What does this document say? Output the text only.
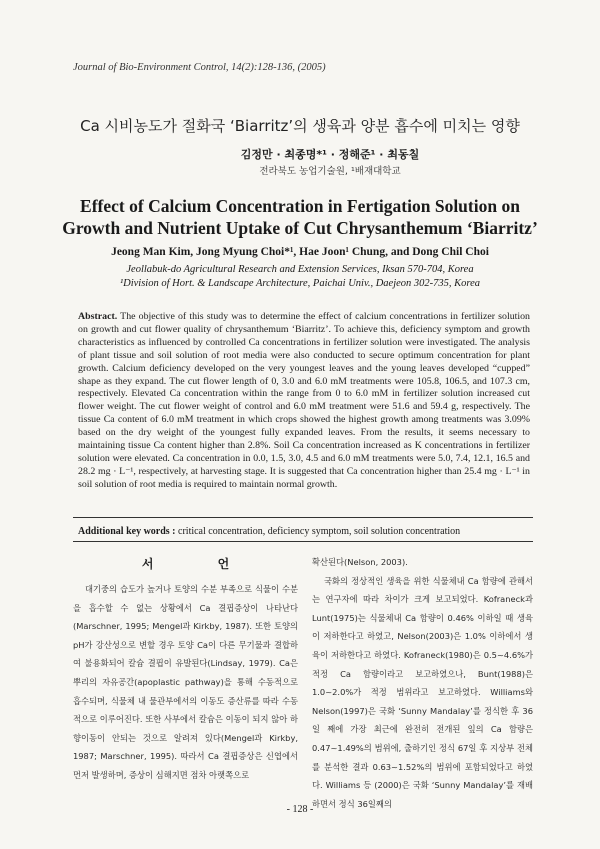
Journal of Bio-Environment Control, 14(2):128-136, (2005)
Ca 시비농도가 절화국 ‘Biarritz’의 생육과 양분 흡수에 미치는 영향
김정만 · 최종명*¹ · 정해준¹ · 최동칠
전라북도 농업기술원, ¹배재대학교
Effect of Calcium Concentration in Fertigation Solution on
Growth and Nutrient Uptake of Cut Chrysanthemum ‘Biarritz’
Jeong Man Kim, Jong Myung Choi*¹, Hae Joon¹ Chung, and Dong Chil Choi
Jeollabuk-do Agricultural Research and Extension Services, Iksan 570-704, Korea
¹Division of Hort. & Landscape Architecture, Paichai Univ., Daejeon 302-735, Korea
Abstract. The objective of this study was to determine the effect of calcium concentrations in fertilizer solution on growth and cut flower quality of chrysanthemum ‘Biarritz’. To achieve this, deficiency symptom and growth characteristics as influenced by controlled Ca concentrations in fertilizer solution were investigated. The analysis of plant tissue and soil solution of root media were also conducted to secure optimum concentration for plant growth. Calcium deficiency developed on the very youngest leaves and the young leaves developed “cupped” shape as they expand. The cut flower length of 0, 3.0 and 6.0 mM treatments were 105.8, 106.5, and 107.3 cm, respectively. Elevated Ca concentration within the range from 0 to 6.0 mM in fertilizer solution increased cut flower weight. The cut flower weight of control and 6.0 mM treatment were 51.6 and 59.4 g, respectively. The tissue Ca content of 6.0 mM treatment in which crops showed the highest growth among treatments was 3.09% based on the dry weight of the youngest fully expanded leaves. From the results, it seems necessary to maintaining tissue Ca content higher than 2.8%. Soil Ca concentration increased as K concentrations in fertilizer solution were elevated. Ca concentration in 0.0, 1.5, 3.0, 4.5 and 6.0 mM treatments were 5.0, 7.4, 12.1, 16.5 and 28.2 mg · L⁻¹, respectively, at harvesting stage. It is suggested that Ca concentration higher than 25.4 mg · L⁻¹ in soil solution of root media is required to maintain normal growth.
Additional key words : critical concentration, deficiency symptom, soil solution concentration
서 언

대기중의 습도가 높거나 토양의 수분 부족으로 식물이 수분을 흡수할 수 없는 상황에서 Ca 결핍증상이 나타난다(Marschner, 1995; Mengel과 Kirkby, 1987). 또한 토양의 pH가 강산성으로 변할 경우 토양 Ca이 다른 무기물과 결합하여 불용화되어 칼슘 결핍이 유발된다(Lindsay, 1979). Ca은 뿌리의 자유공간(apoplastic pathway)을 통해 수동적으로 흡수되며, 식물체 내 물관부에서의 이동도 증산류를 따라 수동적으로 이루어진다. 또한 사부에서 칼슘은 이동이 되지 않아 하향이동이 안되는 것으로 알려져 있다(Mengel과 Kirkby, 1987; Marschner, 1995). 따라서 Ca 결핍증상은 신엽에서 먼저 발생하며, 증상이 심해지면 점차 아랫쪽으로

확산된다(Nelson, 2003).

국화의 정상적인 생육을 위한 식물체내 Ca 함량에 관해서는 연구자에 따라 차이가 크게 보고되었다. Kofraneck과 Lunt(1975)는 식물체내 Ca 함량이 0.46% 이하일 때 생육이 저하한다고 하였고, Nelson(2003)은 1.0% 이하에서 생육이 저하한다고 하였다. Kofraneck(1980)은 0.5~4.6%가 적정 Ca 함량이라고 보고하였으나, Bunt(1988)은 1.0~2.0%가 적정 범위라고 보고하였다. Williams와 Nelson(1997)은 국화 ‘Sunny Mandalay’를 정식한 후 36일 째에 가장 최근에 완전히 전개된 잎의 Ca 함량은 0.47~1.49%의 범위에, 출하기인 정식 67일 후 지상부 전체를 분석한 결과 0.63~1.52%의 범위에 포함되었다고 하였다. Williams 등 (2000)은 국화 ‘Sunny Mandalay’를 재배하면서 정식 36일째의

- 128 -
